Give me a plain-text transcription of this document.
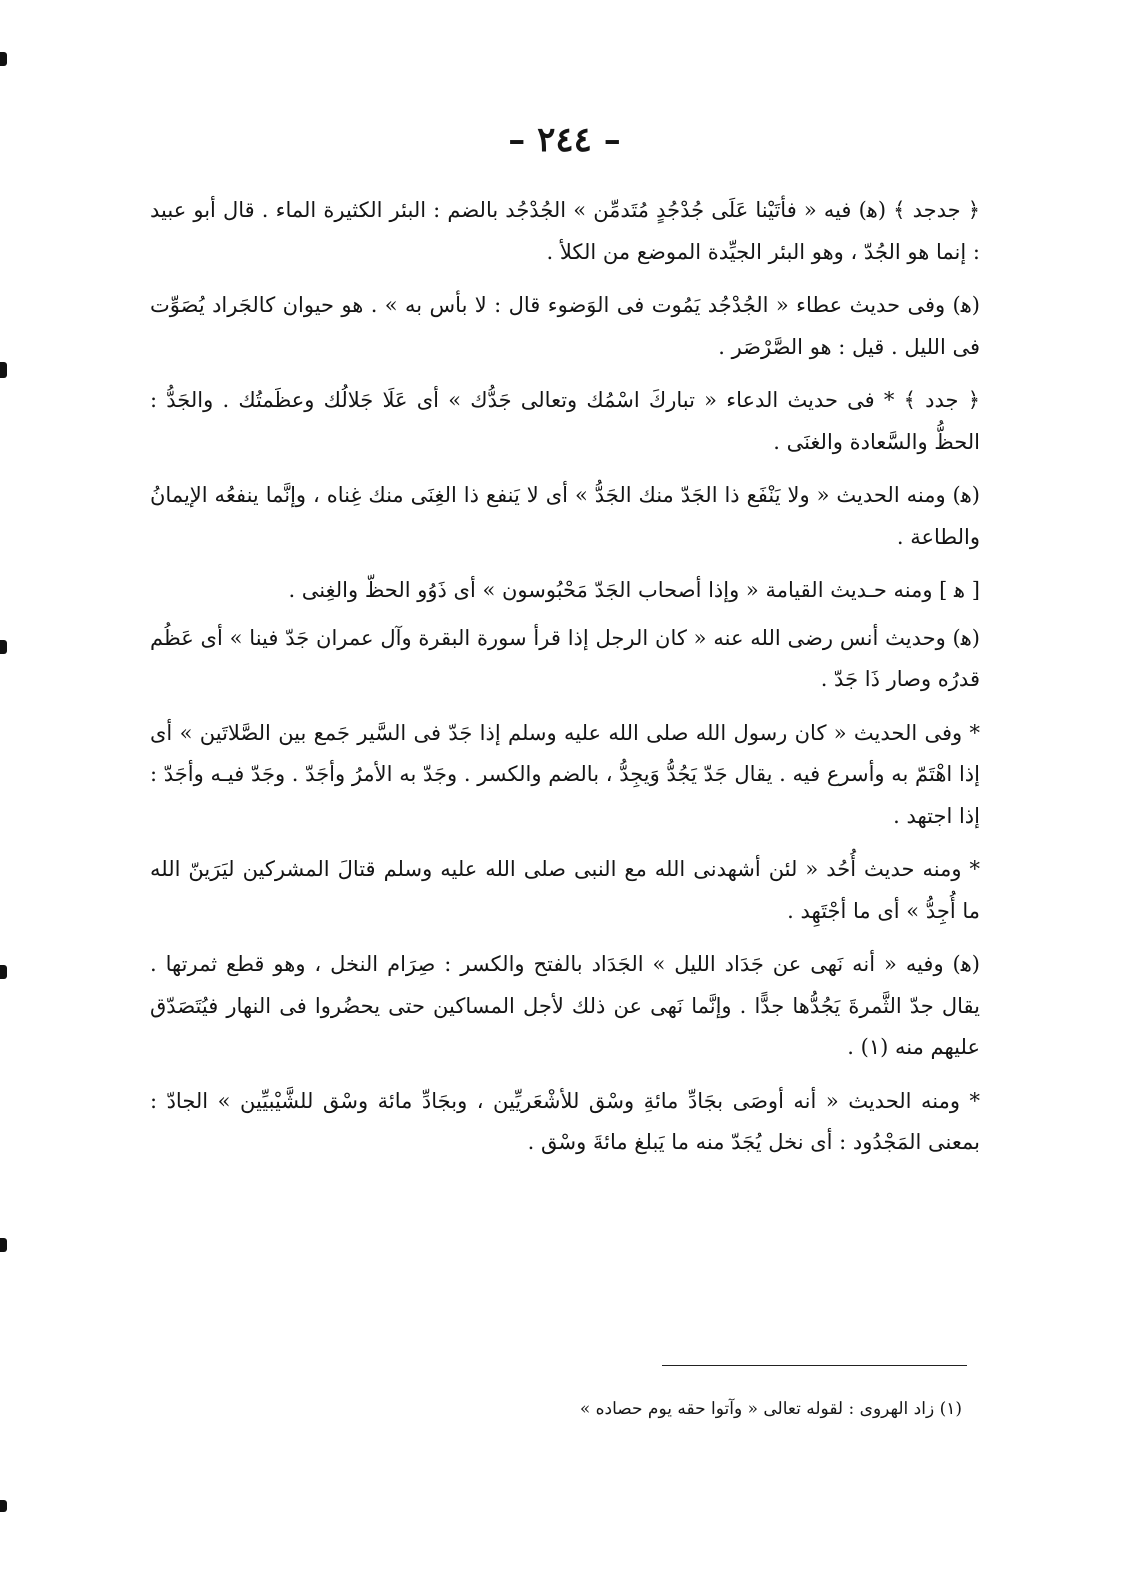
– ٢٤٤ –

﴿ جدجد ﴾ (ﻫ) فيه « فأتَيْنا عَلَى جُدْجُدٍ مُتَدمِّن » الجُدْجُد بالضم : البئر الكثيرة الماء . قال أبو عبيد : إنما هو الجُدّ ، وهو البئر الجيِّدة الموضع من الكلأ .

(ﻫ) وفى حديث عطاء « الجُدْجُد يَمُوت فى الوَضوء قال : لا بأس به » . هو حيوان كالجَراد يُصَوِّت فى الليل . قيل : هو الصَّرْصَر .

﴿ جدد ﴾ * فى حديث الدعاء « تباركَ اسْمُك وتعالى جَدُّك » أى عَلَا جَلالُك وعظَمتُك . والجَدُّ : الحظُّ والسَّعادة والغنَى .

(ﻫ) ومنه الحديث « ولا يَنْفَع ذا الجَدّ منك الجَدُّ » أى لا يَنفع ذا الغِنَى منك غِناه ، وإنَّما ينفعُه الإيمانُ والطاعة .

[ ﻫ ] ومنه حـديث القيامة « وإذا أصحاب الجَدّ مَحْبُوسون » أى ذَوُو الحظّ والغِنى .

(ﻫ) وحديث أنس رضى الله عنه « كان الرجل إذا قرأ سورة البقرة وآل عمران جَدّ فينا » أى عَظُم قدرُه وصار ذَا جَدّ .

* وفى الحديث « كان رسول الله صلى الله عليه وسلم إذا جَدّ فى السَّير جَمع بين الصَّلاتَين » أى إذا اهْتَمّ به وأسرع فيه . يقال جَدّ يَجُدُّ وَيجِدُّ ، بالضم والكسر . وجَدّ به الأمرُ وأجَدّ . وجَدّ فيـه وأجَدّ : إذا اجتهد .

* ومنه حديث أُحُد « لئن أشهدنى الله مع النبى صلى الله عليه وسلم قتالَ المشركين ليَرَينّ الله ما أُجِدُّ » أى ما أجْتَهِد .

(ﻫ) وفيه « أنه نَهى عن جَدَاد الليل » الجَدَاد بالفتح والكسر : صِرَام النخل ، وهو قطع ثمرتها . يقال جدّ الثَّمرةَ يَجُدُّها جدًّا . وإنَّما نَهى عن ذلك لأجل المساكين حتى يحضُروا فى النهار فيُتَصَدّق عليهم منه (١) .

* ومنه الحديث « أنه أوصَى بجَادِّ مائةِ وسْق للأشْعَريِّين ، وبجَادِّ مائة وسْق للشَّيْبيِّين » الجادّ : بمعنى المَجْدُود : أى نخل يُجَدّ منه ما يَبلغ مائةَ وسْق .

(١) زاد الهروى : لقوله تعالى « وآتوا حقه يوم حصاده »
